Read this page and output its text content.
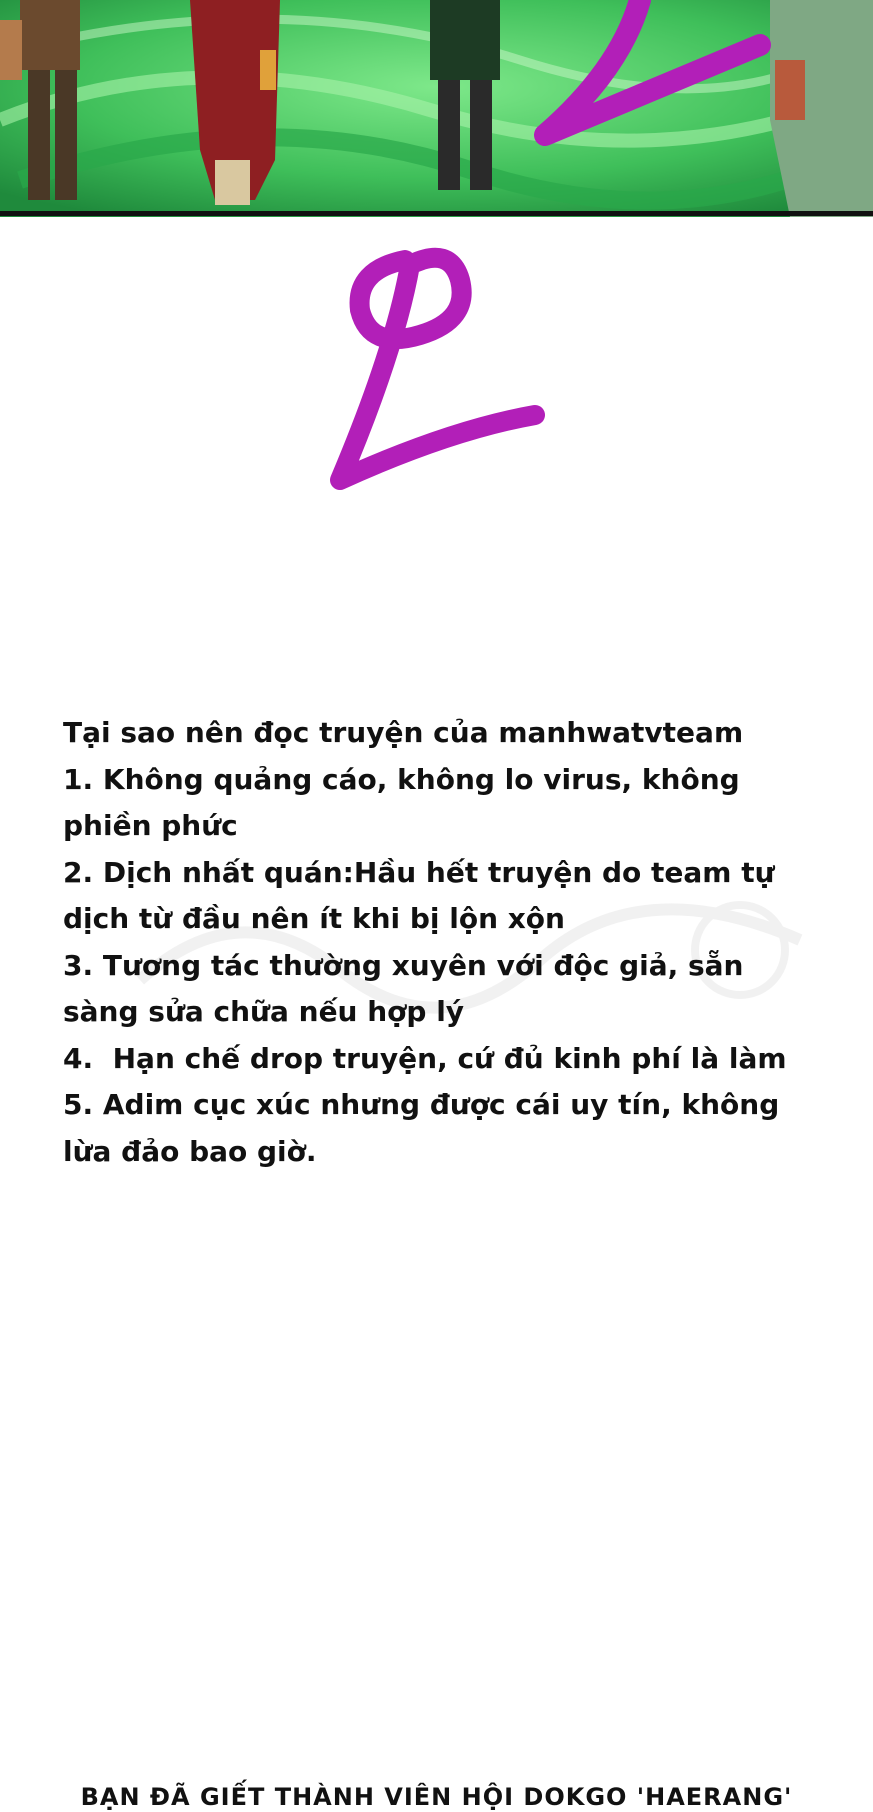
Tại sao nên đọc truyện của manhwatvteam
1. Không quảng cáo, không lo virus, không
phiền phức
2. Dịch nhất quán:Hầu hết truyện do team tự
dịch từ đầu nên ít khi bị lộn xộn
3. Tương tác thường xuyên với độc giả, sẵn
sàng sửa chữa nếu hợp lý
4.  Hạn chế drop truyện, cứ đủ kinh phí là làm
5. Adim cục xúc nhưng được cái uy tín, không
lừa đảo bao giờ.
BẠN ĐÃ GIẾT THÀNH VIÊN HỘI DOKGO 'HAERANG'
